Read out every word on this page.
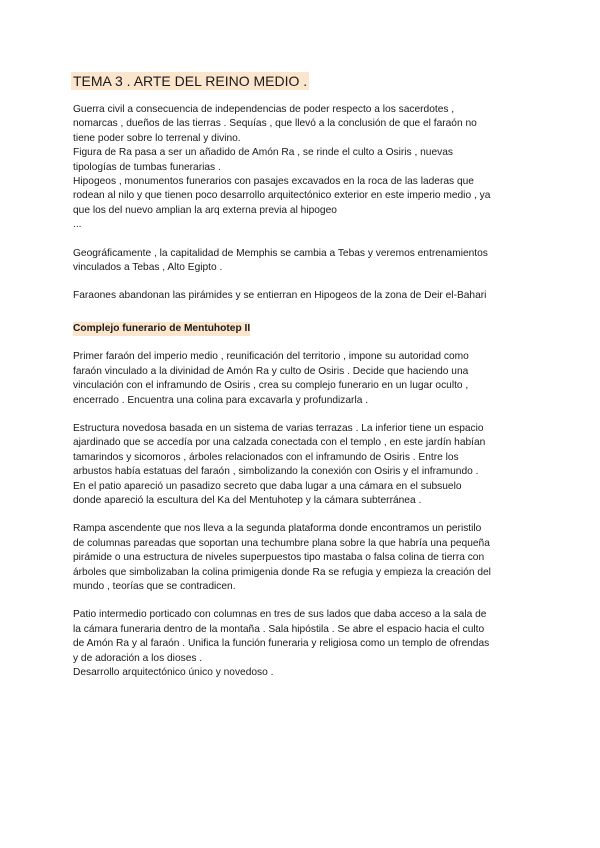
TEMA 3 . ARTE DEL REINO MEDIO .
Guerra civil a consecuencia de independencias de poder respecto a los sacerdotes ,
nomarcas , dueños de las tierras . Sequías , que llevó a la conclusión de que el faraón no
tiene poder sobre lo terrenal y divino.
Figura de Ra pasa a ser un añadido de Amón Ra , se rinde el culto a Osiris , nuevas
tipologías de tumbas funerarias .
Hipogeos , monumentos funerarios con pasajes excavados en la roca de las laderas que
rodean al nilo y que tienen poco desarrollo arquitectónico exterior en este imperio medio , ya
que los del nuevo amplian la arq externa previa al hipogeo
...
Geográficamente , la capitalidad de Memphis se cambia a Tebas y veremos entrenamientos
vinculados a Tebas , Alto Egipto .
Faraones abandonan las pirámides y se entierran en Hipogeos de la zona de Deir el-Bahari
Complejo funerario de Mentuhotep II
Primer faraón del imperio medio , reunificación del territorio , impone su autoridad como
faraón vinculado a la divinidad de Amón Ra y culto de Osiris . Decide que haciendo una
vinculación con el inframundo de Osiris , crea su complejo funerario en un lugar oculto ,
encerrado . Encuentra una colina para excavarla y profundizarla .
Estructura novedosa basada en un sistema de varias terrazas . La inferior tiene un espacio
ajardinado que se accedía por una calzada conectada con el templo , en este jardín habían
tamarindos y sicomoros , árboles relacionados con el inframundo de Osiris . Entre los
arbustos había estatuas del faraón , simbolizando la conexión con Osiris y el inframundo .
En el patio apareció un pasadizo secreto que daba lugar a una cámara en el subsuelo
donde apareció la escultura del Ka del Mentuhotep y la cámara subterránea .
Rampa ascendente que nos lleva a la segunda plataforma donde encontramos un peristilo
de columnas pareadas que soportan una techumbre plana sobre la que habría una pequeña
pirámide o una estructura de niveles superpuestos tipo mastaba o falsa colina de tierra con
árboles que simbolizaban la colina primigenia donde Ra se refugia y empieza la creación del
mundo , teorías que se contradicen.
Patio intermedio porticado con columnas en tres de sus lados que daba acceso a la sala de
la cámara funeraria dentro de la montaña . Sala hipóstila . Se abre el espacio hacia el culto
de Amón Ra y al faraón . Unifica la función funeraria y religiosa como un templo de ofrendas
y de adoración a los dioses .
Desarrollo arquitectónico único y novedoso .
